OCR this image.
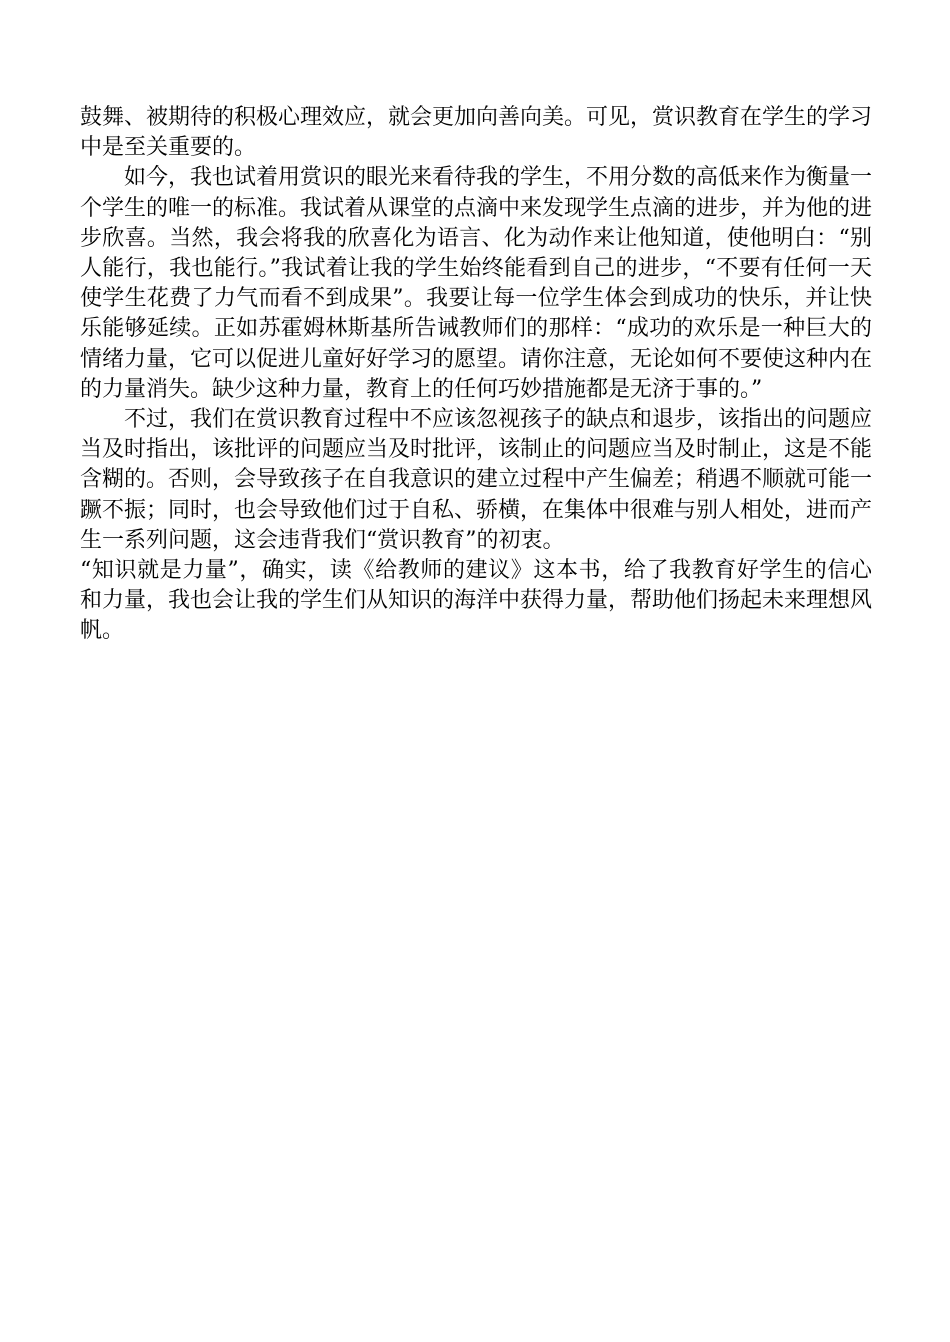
鼓舞、被期待的积极心理效应，就会更加向善向美。可见，赏识教育在学生的学习中是至关重要的。

如今，我也试着用赏识的眼光来看待我的学生，不用分数的高低来作为衡量一个学生的唯一的标准。我试着从课堂的点滴中来发现学生点滴的进步，并为他的进步欣喜。当然，我会将我的欣喜化为语言、化为动作来让他知道，使他明白：“别人能行，我也能行。”我试着让我的学生始终能看到自己的进步，“不要有任何一天使学生花费了力气而看不到成果”。我要让每一位学生体会到成功的快乐，并让快乐能够延续。正如苏霍姆林斯基所告诫教师们的那样：“成功的欢乐是一种巨大的情绪力量，它可以促进儿童好好学习的愿望。请你注意，无论如何不要使这种内在的力量消失。缺少这种力量，教育上的任何巧妙措施都是无济于事的。”

不过，我们在赏识教育过程中不应该忽视孩子的缺点和退步，该指出的问题应当及时指出，该批评的问题应当及时批评，该制止的问题应当及时制止，这是不能含糊的。否则，会导致孩子在自我意识的建立过程中产生偏差；稍遇不顺就可能一蹶不振；同时，也会导致他们过于自私、骄横，在集体中很难与别人相处，进而产生一系列问题，这会违背我们“赏识教育”的初衷。

“知识就是力量”，确实，读《给教师的建议》这本书，给了我教育好学生的信心和力量，我也会让我的学生们从知识的海洋中获得力量，帮助他们扬起未来理想风帆。
